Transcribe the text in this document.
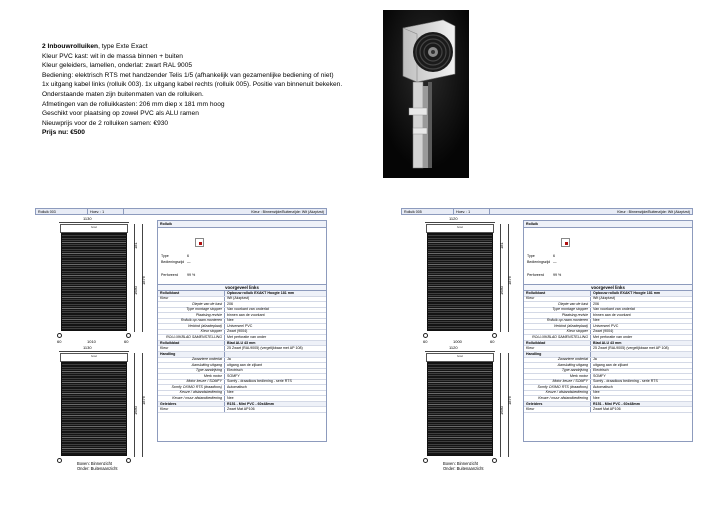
2 Inbouwrolluiken, type Exte Exact
Kleur PVC kast: wit in de massa binnen + buiten
Kleur geleiders, lamellen, onderlat: zwart RAL 9005
Bediening: elektrisch RTS met handzender Telis 1/5 (afhankelijk van gezamenlijke bediening of niet)
1x uitgang kabel links (rolluik 003). 1x uitgang kabel rechts (rolluik 005). Positie van binnenuit bekeken.
Onderstaande maten zijn buitenmaten van de rolluiken.
Afmetingen van de rolluikkasten: 206 mm diep x 181 mm hoog
Geschikt voor plaatsing op zowel PVC als ALU ramen
Nieuwprijs voor de 2 rolluiken samen: €930
Prijs nu: €500
Rolluik 003	Hoev. : 1	Kleur : Binnenzijde/Buitenzijde: Wit (Akzptzst)
1130
boxel
60	1010	60
181
1680
1876
1130
boxel
1680
1876
Boven: Binnenzicht
Onder: Buitenaanzicht
Rolluik
Type	6
Bedieningszijd —
Perforeerd	99 %
voorgeveel links
Rolluikkast	Opbouw rolluik EXAKT Hoogte 181 mm
Kleur	Wit (Akzptzst)
Diepte van de kast	206
Type montage stopper	Van voorkant van onderlat
Plaatsing revisie	binnen aan de voorkant
Rolluik op raam monteren	Nee
Verbind (afzadeplaat)	Universeel PVC
Kleur stopper	Zwart (9004)
ROLLUIKBLAD SAMENSTELLING	Met perforatie van onder
Rolluikblad	Blad ALU 43 mm
Kleur	25 Zwart (RAL9005) (vergelijkbaar met AP 108)
Handling
Zwaartere onderlat	Ja
Aansluiting uitgang	uitgang aan de zijkant
Type aandrijving	Electrisch
Merk motor	SOMFY
Motor keuze / SOMFY	Somfy - draadloos bediening - serie RTS
Somfy OXIMO RTS (draadloos)	Automatisch
Keuze / afstandsbediening	Nee
Keuze / muur afstandbediening	Nee
Geleiders	R151 - Mini PVC - 60x48mm
Kleur	Zwart Mat AP106
Rolluik 005	Hoev. : 1	Kleur : Binnenzijde/Buitenzijde: Wit (Akzptzst)
1120
boxel
60	1000	60
181
1680
1876
1120
boxel
1680
1876
Boven: Binnenzicht
Onder: Buitenaanzicht
Rolluik
Type	6
Bedieningszijd —
Perforeerd	99 %
voorgeveel links
Rolluikkast	Opbouw rolluik EXAKT Hoogte 181 mm
Kleur	Wit (Akzptzst)
Diepte van de kast	206
Type montage stopper	Van voorkant van onderlat
Plaatsing revisie	binnen aan de voorkant
Rolluik op raam monteren	Nee
Verbind (afzadeplaat)	Universeel PVC
Kleur stopper	Zwart (9004)
ROLLUIKBLAD SAMENSTELLING	Met perforatie van onder
Rolluikblad	Blad ALU 43 mm
Kleur	25 Zwart (RAL9005) (vergelijkbaar met AP 108)
Handling
Zwaartere onderlat	Ja
Aansluiting uitgang	uitgang aan de zijkant
Type aandrijving	Electrisch
Merk motor	SOMFY
Motor keuze / SOMFY	Somfy - draadloos bediening - serie RTS
Somfy OXIMO RTS (draadloos)	Automatisch
Keuze / afstandsbediening	Nee
Keuze / muur afstandbediening	Nee
Geleiders	R151 - Mini PVC - 60x48mm
Kleur	Zwart Mat AP106
